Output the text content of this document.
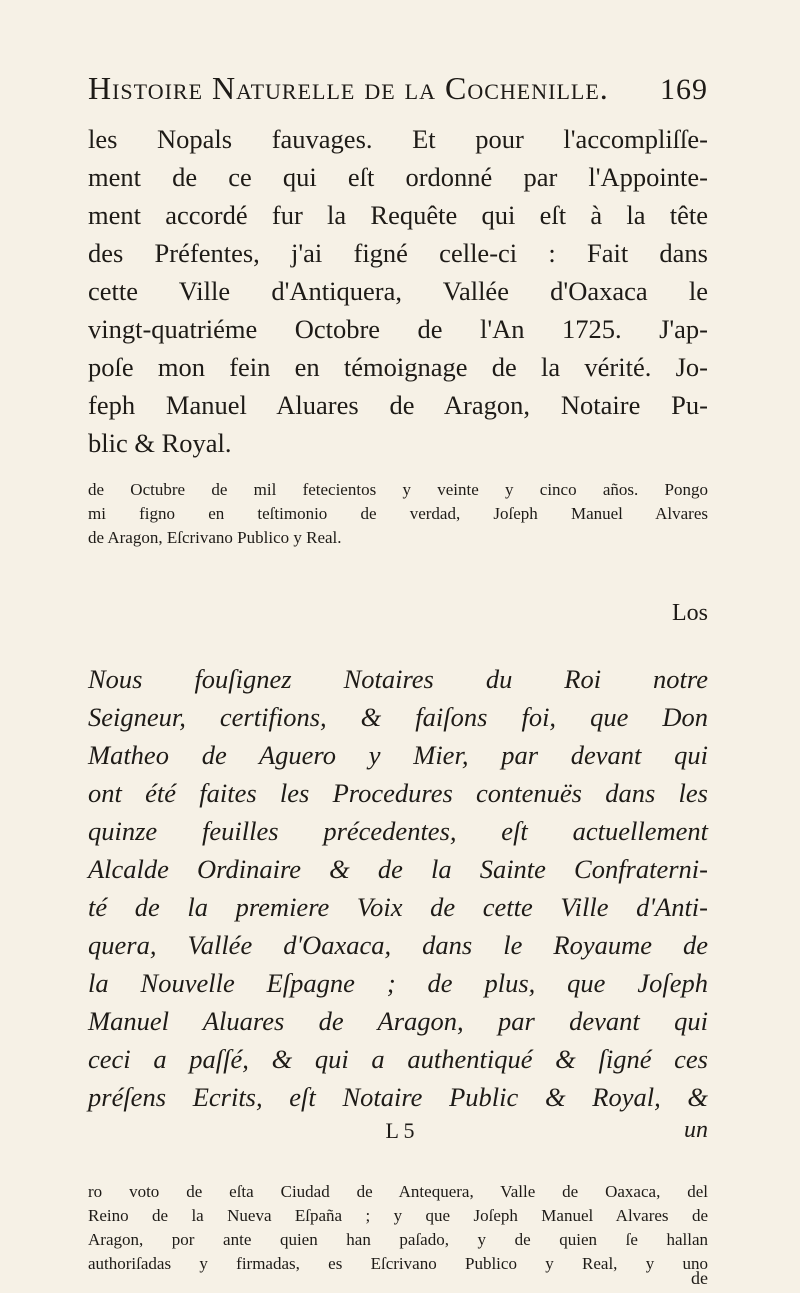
Histoire Naturelle de la Cochenille. 169
les Nopals fauvages. Et pour l'accompliſſe-
ment de ce qui eſt ordonné par l'Appointe-
ment accordé fur la Requête qui eſt à la tête
des Préfentes, j'ai figné celle-ci : Fait dans
cette Ville d'Antiquera, Vallée d'Oaxaca le
vingt-quatriéme Octobre de l'An 1725. J'ap-
poſe mon fein en témoignage de la vérité. Jo-
feph Manuel Aluares de Aragon, Notaire Pu-
blic & Royal.
de Octubre de mil fetecientos y veinte y cinco años. Pongo
mi figno en teſtimonio de verdad, Joſeph Manuel Alvares
de Aragon, Eſcrivano Publico y Real.
Los
Nous fouſignez Notaires du Roi notre
Seigneur, certifions, & faiſons foi, que Don
Matheo de Aguero y Mier, par devant qui
ont été faites les Procedures contenuës dans les
quinze feuilles précedentes, eſt actuellement
Alcalde Ordinaire & de la Sainte Confraterni-
té de la premiere Voix de cette Ville d'Anti-
quera, Vallée d'Oaxaca, dans le Royaume de
la Nouvelle Eſpagne ; de plus, que Joſeph
Manuel Aluares de Aragon, par devant qui
ceci a paſſé, & qui a authentiqué & ſigné ces
préſens Ecrits, eſt Notaire Public & Royal, &
L 5	un
ro voto de eſta Ciudad de Antequera, Valle de Oaxaca, del
Reino de la Nueva Eſpaña ; y que Joſeph Manuel Alvares de
Aragon, por ante quien han paſado, y de quien ſe hallan
authoriſadas y firmadas, es Eſcrivano Publico y Real, y uno
de
